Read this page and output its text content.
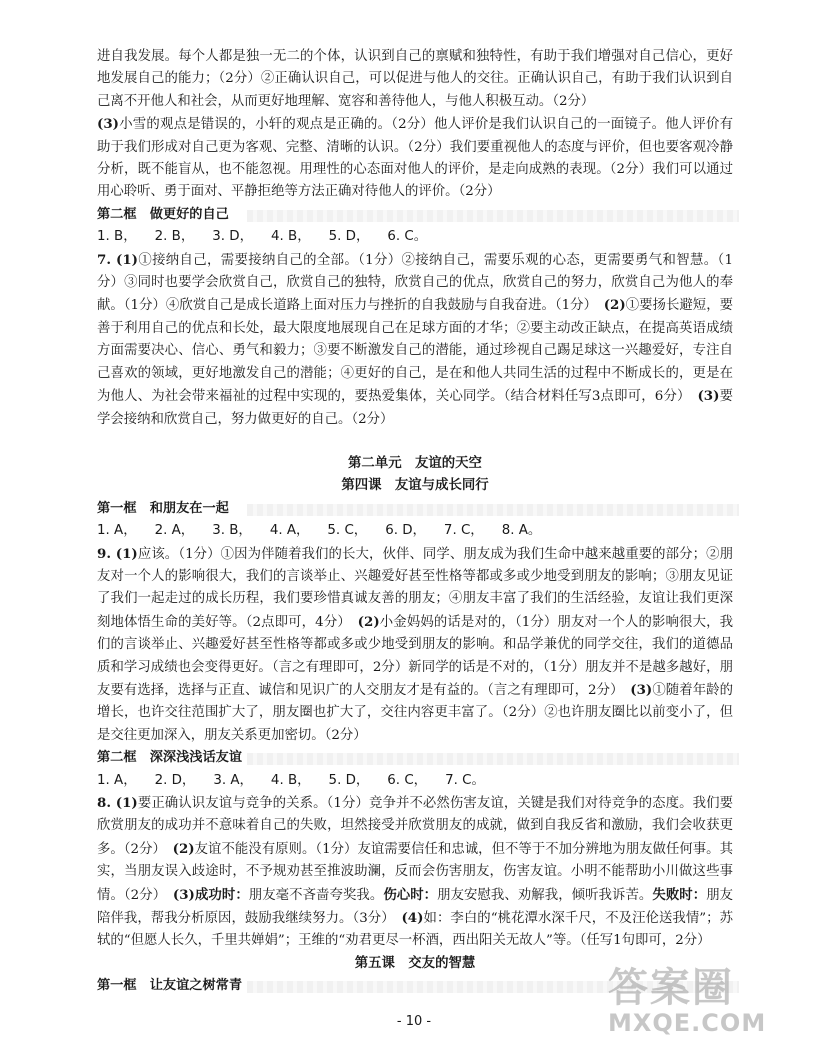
进自我发展。每个人都是独一无二的个体，认识到自己的禀赋和独特性，有助于我们增强对自己信心，更好地发展自己的能力；（2分）②正确认识自己，可以促进与他人的交往。正确认识自己，有助于我们认识到自己离不开他人和社会，从而更好地理解、宽容和善待他人，与他人积极互动。（2分）

(3)小雪的观点是错误的，小轩的观点是正确的。（2分）他人评价是我们认识自己的一面镜子。他人评价有助于我们形成对自己更为客观、完整、清晰的认识。（2分）我们要重视他人的态度与评价，但也要客观冷静分析，既不能盲从，也不能忽视。用理性的心态面对他人的评价，是走向成熟的表现。（2分）我们可以通过用心聆听、勇于面对、平静拒绝等方法正确对待他人的评价。（2分）

第二框　做更好的自己

1. B， 2. B， 3. D， 4. B， 5. D， 6. C。

7. (1)①接纳自己，需要接纳自己的全部。（1分）②接纳自己，需要乐观的心态，更需要勇气和智慧。（1分）③同时也要学会欣赏自己，欣赏自己的独特，欣赏自己的优点，欣赏自己的努力，欣赏自己为他人的奉献。（1分）④欣赏自己是成长道路上面对压力与挫折的自我鼓励与自我奋进。（1分）　(2)①要扬长避短，要善于利用自己的优点和长处，最大限度地展现自己在足球方面的才华；②要主动改正缺点，在提高英语成绩方面需要决心、信心、勇气和毅力；③要不断激发自己的潜能，通过珍视自己踢足球这一兴趣爱好，专注自己喜欢的领域，更好地激发自己的潜能；④更好的自己，是在和他人共同生活的过程中不断成长的，更是在为他人、为社会带来福祉的过程中实现的，要热爱集体，关心同学。（结合材料任写3点即可，6分）　(3)要学会接纳和欣赏自己，努力做更好的自己。（2分）

第二单元　友谊的天空

第四课　友谊与成长同行

第一框　和朋友在一起

1. A， 2. A， 3. B， 4. A， 5. C， 6. D， 7. C， 8. A。

9. (1)应该。（1分）①因为伴随着我们的长大，伙伴、同学、朋友成为我们生命中越来越重要的部分；②朋友对一个人的影响很大，我们的言谈举止、兴趣爱好甚至性格等都或多或少地受到朋友的影响；③朋友见证了我们一起走过的成长历程，我们要珍惜真诚友善的朋友；④朋友丰富了我们的生活经验，友谊让我们更深刻地体悟生命的美好等。（2点即可，4分）　(2)小金妈妈的话是对的，（1分）朋友对一个人的影响很大，我们的言谈举止、兴趣爱好甚至性格等都或多或少地受到朋友的影响。和品学兼优的同学交往，我们的道德品质和学习成绩也会变得更好。（言之有理即可，2分）新同学的话是不对的，（1分）朋友并不是越多越好，朋友要有选择，选择与正直、诚信和见识广的人交朋友才是有益的。（言之有理即可，2分）　(3)①随着年龄的增长，也许交往范围扩大了，朋友圈也扩大了，交往内容更丰富了。（2分）②也许朋友圈比以前变小了，但是交往更加深入，朋友关系更加密切。（2分）

第二框　深深浅浅话友谊

1. A， 2. D， 3. A， 4. B， 5. D， 6. C， 7. C。

8. (1)要正确认识友谊与竞争的关系。（1分）竞争并不必然伤害友谊，关键是我们对待竞争的态度。我们要欣赏朋友的成功并不意味着自己的失败，坦然接受并欣赏朋友的成就，做到自我反省和激励，我们会收获更多。（2分）　(2)友谊不能没有原则。（1分）友谊需要信任和忠诚，但不等于不加分辨地为朋友做任何事。其实，当朋友误入歧途时，不予规劝甚至推波助澜，反而会伤害朋友，伤害友谊。小明不能帮助小川做这些事情。（2分）　(3)成功时：朋友毫不吝啬夸奖我。伤心时：朋友安慰我、劝解我，倾听我诉苦。失败时：朋友陪伴我，帮我分析原因，鼓励我继续努力。（3分）　(4)如：李白的“桃花潭水深千尺，不及汪伦送我情”；苏轼的“但愿人长久，千里共婵娟”；王维的“劝君更尽一杯酒，西出阳关无故人”等。（任写1句即可，2分）

第五课　交友的智慧

第一框　让友谊之树常青
- 10 -
答案圈
MXQE.COM
